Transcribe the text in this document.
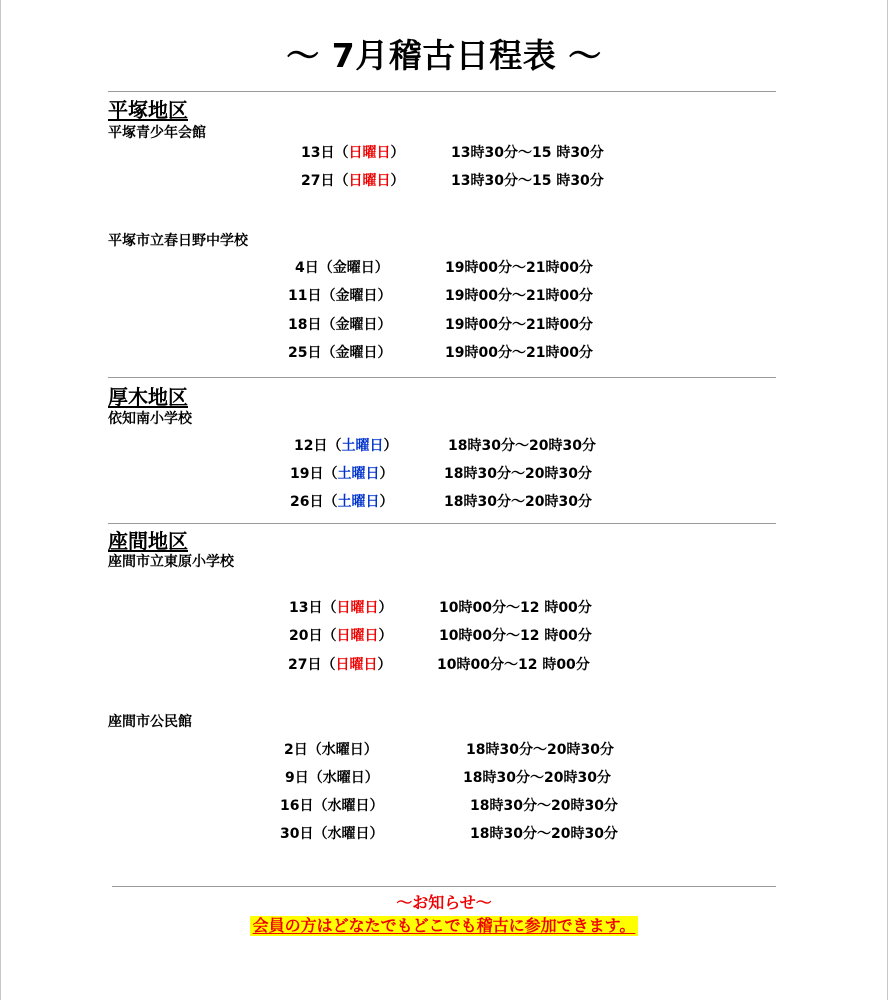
～ 7月稽古日程表 ～
平塚地区
平塚青少年会館
13日（日曜日）	13時30分～15 時30分
27日（日曜日）	13時30分～15 時30分
平塚市立春日野中学校
4日（金曜日）	19時00分～21時00分
11日（金曜日）	19時00分～21時00分
18日（金曜日）	19時00分～21時00分
25日（金曜日）	19時00分～21時00分
厚木地区
依知南小学校
12日（土曜日）	18時30分～20時30分
19日（土曜日）	18時30分～20時30分
26日（土曜日）	18時30分～20時30分
座間地区
座間市立東原小学校
13日（日曜日）	10時00分～12 時00分
20日（日曜日）	10時00分～12 時00分
27日（日曜日）	10時00分～12 時00分
座間市公民館
2日（水曜日）	18時30分～20時30分
9日（水曜日）	18時30分～20時30分
16日（水曜日）	18時30分～20時30分
30日（水曜日）	18時30分～20時30分
～お知らせ～
会員の方はどなたでもどこでも稽古に参加できます。
